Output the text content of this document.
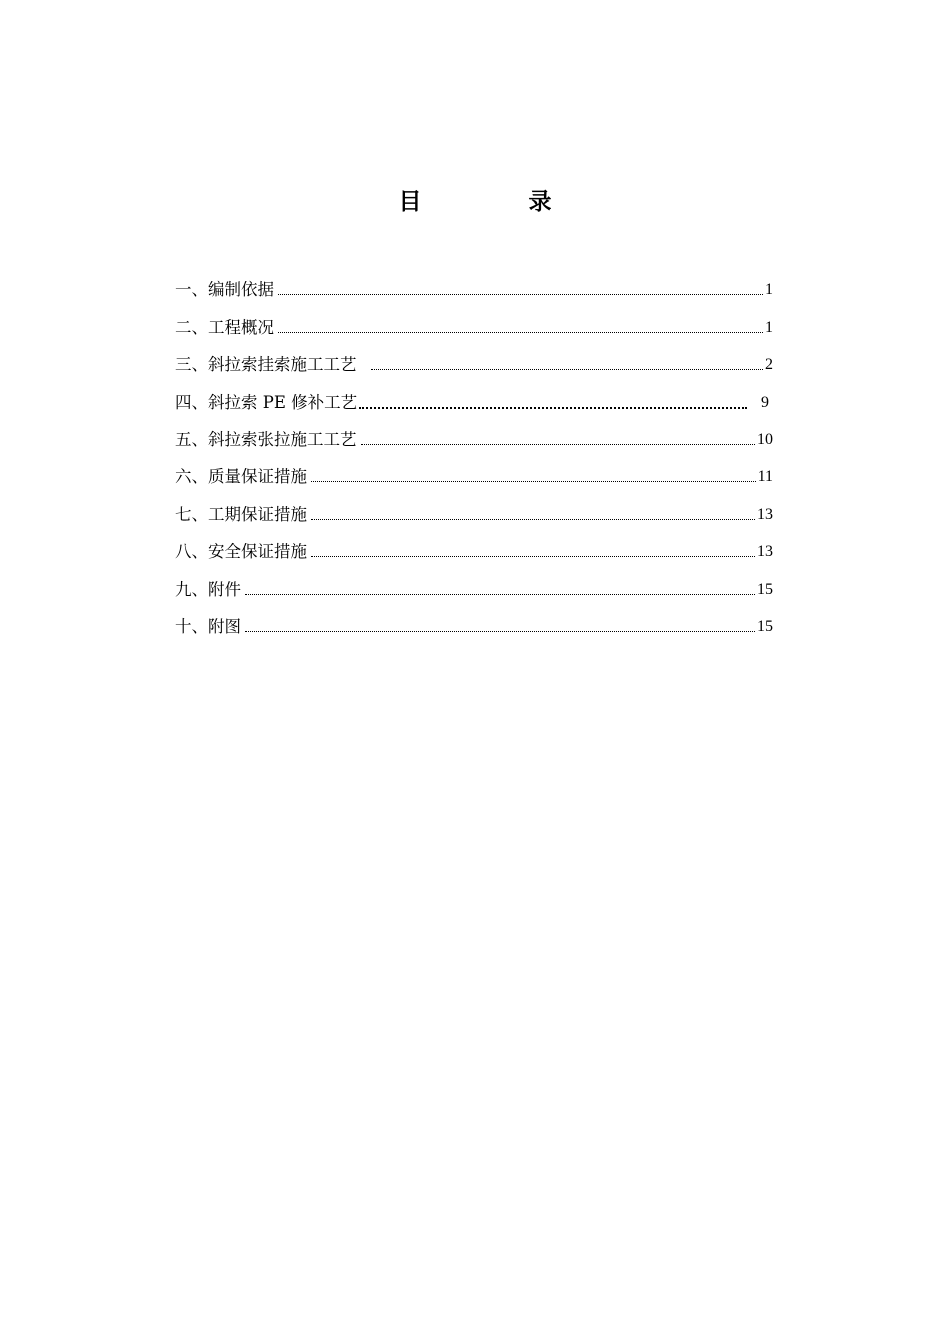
目　录
一、编制依据	1
二、工程概况	1
三、斜拉索挂索施工工艺	2
四、斜拉索 PE 修补工艺	9
五、斜拉索张拉施工工艺	10
六、质量保证措施	11
七、工期保证措施	13
八、安全保证措施	13
九、附件	15
十、附图	15
